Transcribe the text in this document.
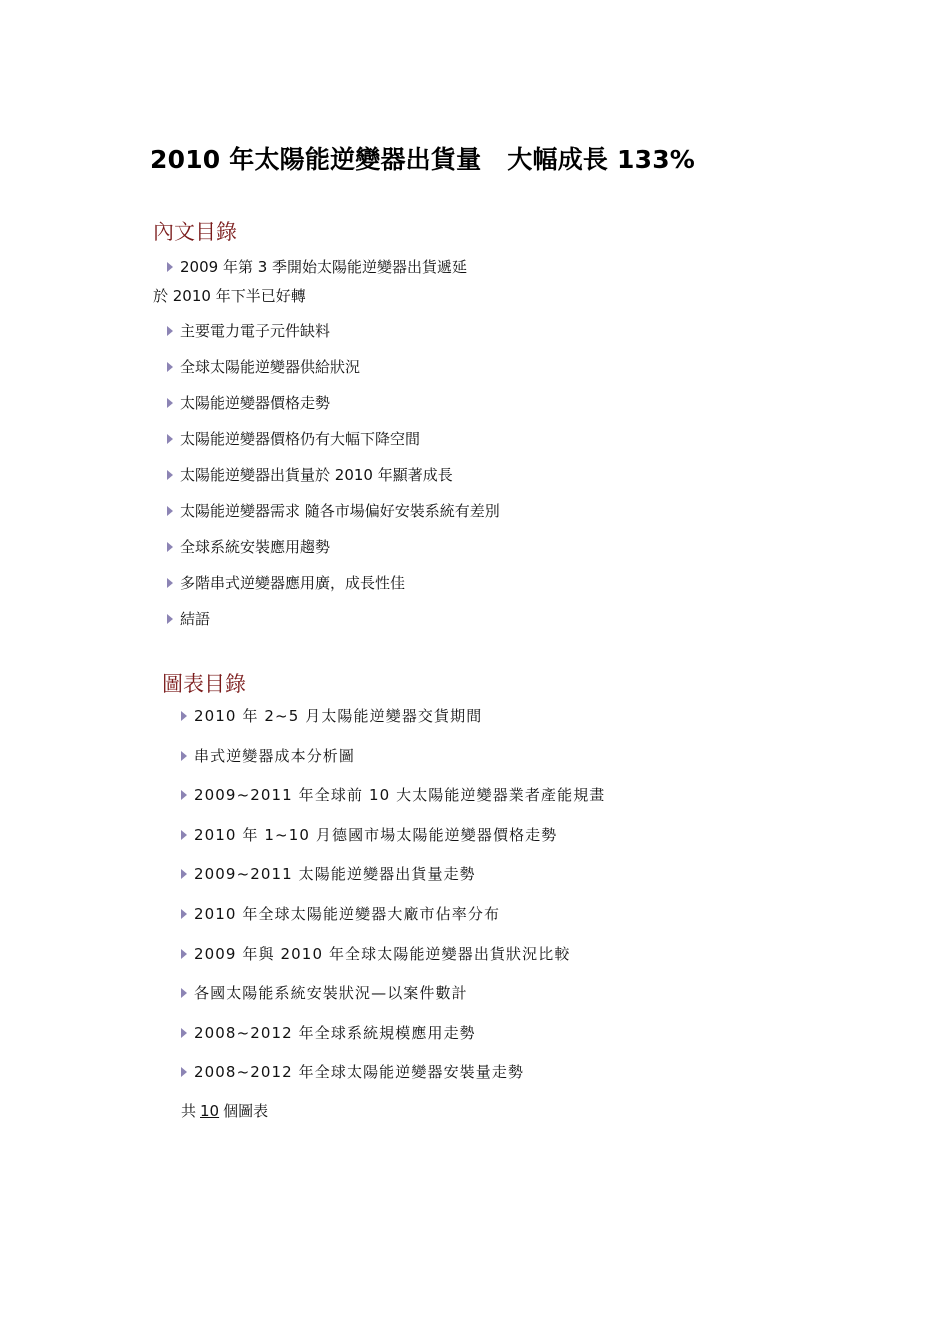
2010 年太陽能逆變器出貨量 大幅成長 133%
內文目錄
2009 年第 3 季開始太陽能逆變器出貨遞延
於 2010 年下半已好轉
主要電力電子元件缺料
全球太陽能逆變器供給狀況
太陽能逆變器價格走勢
太陽能逆變器價格仍有大幅下降空間
太陽能逆變器出貨量於 2010 年顯著成長
太陽能逆變器需求 隨各市場偏好安裝系統有差別
全球系統安裝應用趨勢
多階串式逆變器應用廣，成長性佳
結語
圖表目錄
2010 年 2~5 月太陽能逆變器交貨期間
串式逆變器成本分析圖
2009~2011 年全球前 10 大太陽能逆變器業者產能規畫
2010 年 1~10 月德國市場太陽能逆變器價格走勢
2009~2011 太陽能逆變器出貨量走勢
2010 年全球太陽能逆變器大廠市佔率分布
2009 年與 2010 年全球太陽能逆變器出貨狀況比較
各國太陽能系統安裝狀況—以案件數計
2008~2012 年全球系統規模應用走勢
2008~2012 年全球太陽能逆變器安裝量走勢
共 10 個圖表
